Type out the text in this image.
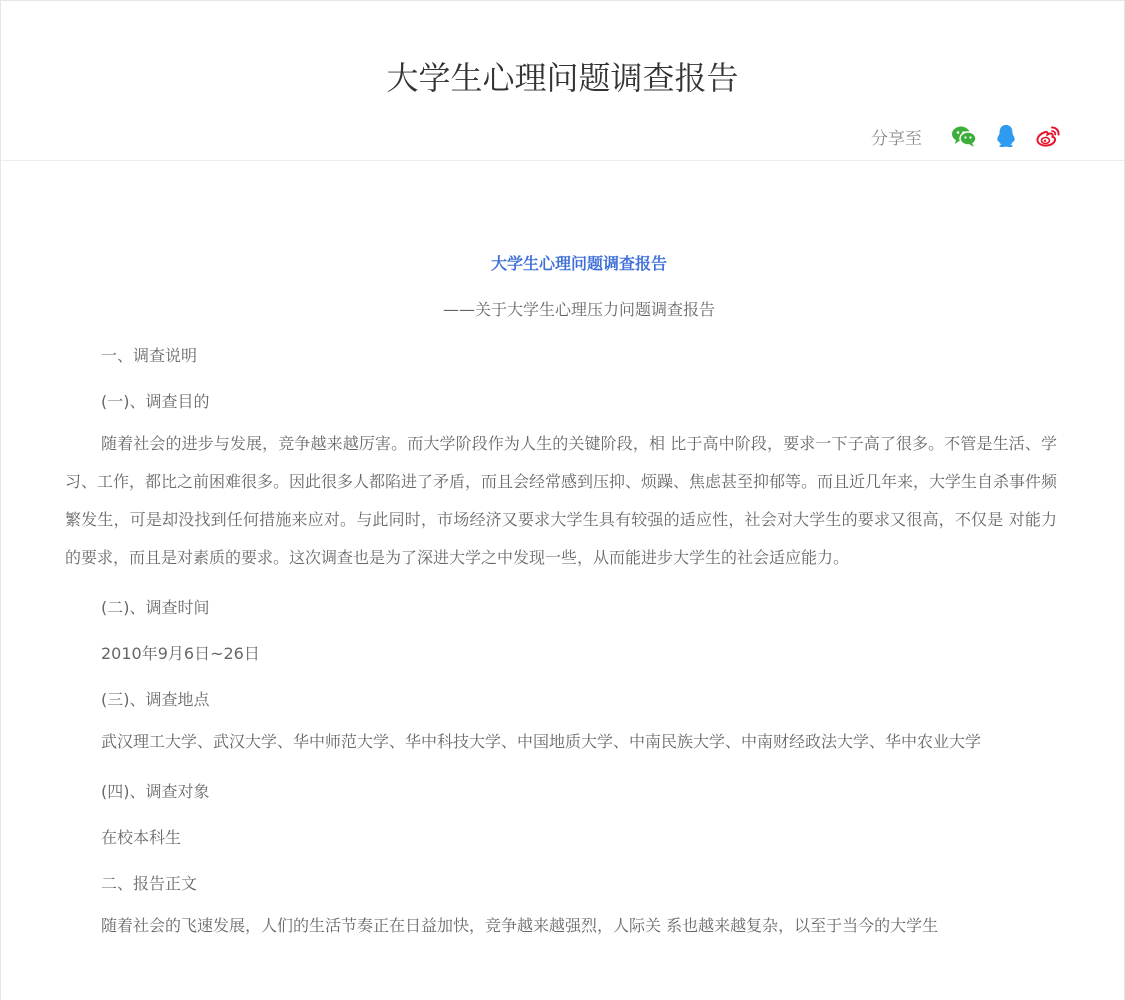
大学生心理问题调查报告
分享至
大学生心理问题调查报告
——关于大学生心理压力问题调查报告

一、调查说明

(一)、调查目的

随着社会的进步与发展，竞争越来越厉害。而大学阶段作为人生的关键阶段，相 比于高中阶段，要求一下子高了很多。不管是生活、学习、工作，都比之前困难很多。因此很多人都陷进了矛盾，而且会经常感到压抑、烦躁、焦虑甚至抑郁等。而且近几年来，大学生自杀事件频繁发生，可是却没找到任何措施来应对。与此同时，市场经济又要求大学生具有较强的适应性，社会对大学生的要求又很高，不仅是 对能力的要求，而且是对素质的要求。这次调查也是为了深进大学之中发现一些，从而能进步大学生的社会适应能力。

(二)、调查时间

2010年9月6日~26日

(三)、调查地点

武汉理工大学、武汉大学、华中师范大学、华中科技大学、中国地质大学、中南民族大学、中南财经政法大学、华中农业大学

(四)、调查对象

在校本科生

二、报告正文

随着社会的飞速发展，人们的生活节奏正在日益加快，竞争越来越强烈，人际关 系也越来越复杂，以至于当今的大学生
